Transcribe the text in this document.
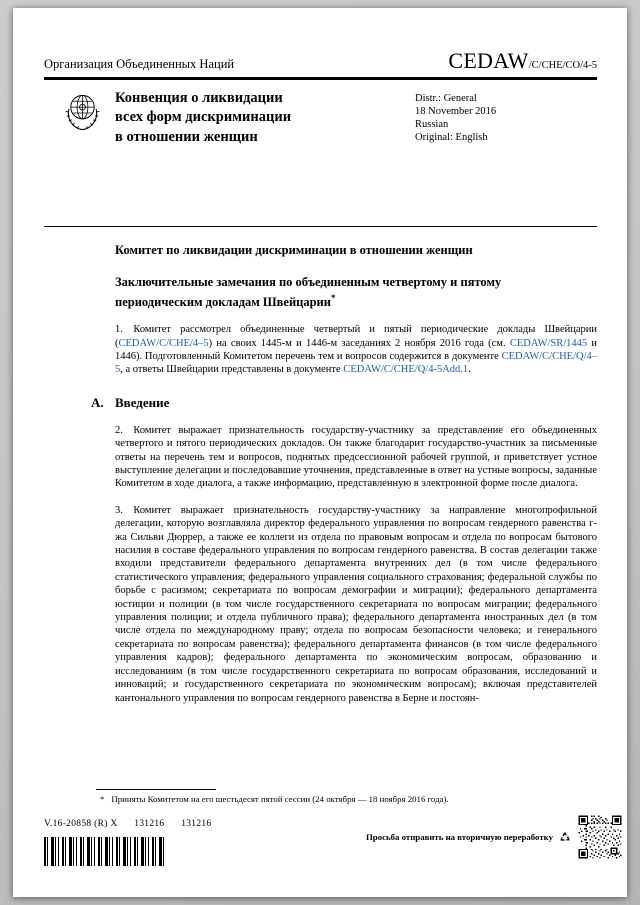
Организация Объединенных Наций	CEDAW/C/CHE/CO/4-5
Конвенция о ликвидации
всех форм дискриминации
в отношении женщин
Distr.: General
18 November 2016
Russian
Original: English
Комитет по ликвидации дискриминации в отношении женщин
Заключительные замечания по объединенным четвертому и пятому периодическим докладам Швейцарии*

1. Комитет рассмотрел объединенные четвертый и пятый периодические доклады Швейцарии (CEDAW/C/CHE/4–5) на своих 1445-м и 1446-м заседаниях 2 ноября 2016 года (см. CEDAW/SR/1445 и 1446). Подготовленный Комитетом перечень тем и вопросов содержится в документе CEDAW/C/CHE/Q/4–5, а ответы Швейцарии представлены в документе CEDAW/C/CHE/Q/4-5Add.1.

A. Введение

2. Комитет выражает признательность государству-участнику за представление его объединенных четвертого и пятого периодических докладов. Он также благодарит государство-участник за письменные ответы на перечень тем и вопросов, поднятых предсессионной рабочей группой, и приветствует устное выступление делегации и последовавшие уточнения, представленные в ответ на устные вопросы, заданные Комитетом в ходе диалога, а также информацию, представленную в электронной форме после диалога.

3. Комитет выражает признательность государству-участнику за направление многопрофильной делегации, которую возглавляла директор федерального управления по вопросам гендерного равенства г-жа Сильви Дюррер, а также ее коллеги из отдела по правовым вопросам и отдела по вопросам бытового насилия в составе федерального управления по вопросам гендерного равенства. В состав делегации также входили представители федерального департамента внутренних дел (в том числе федерального статистического управления; федерального управления социального страхования; федеральной службы по борьбе с расизмом; секретариата по вопросам демографии и миграции); федерального департамента юстиции и полиции (в том числе государственного секретариата по вопросам миграции; федерального управления полиции; и отдела публичного права); федерального департамента иностранных дел (в том числе отдела по международному праву; отдела по вопросам безопасности человека; и генерального секретариата по вопросам равенства); федерального департамента финансов (в том числе федерального управления кадров); федерального департамента по экономическим вопросам, образованию и исследованиям (в том числе государственного секретариата по вопросам образования, исследований и инноваций; и государственного секретариата по экономическим вопросам); включая представителей кантонального управления по вопросам гендерного равенства в Берне и постоян-

* Приняты Комитетом на его шестьдесят пятой сессии (24 октября — 18 ноября 2016 года).
V.16-20858 (R) X 131216 131216
Просьба отправить на вторичную переработку
